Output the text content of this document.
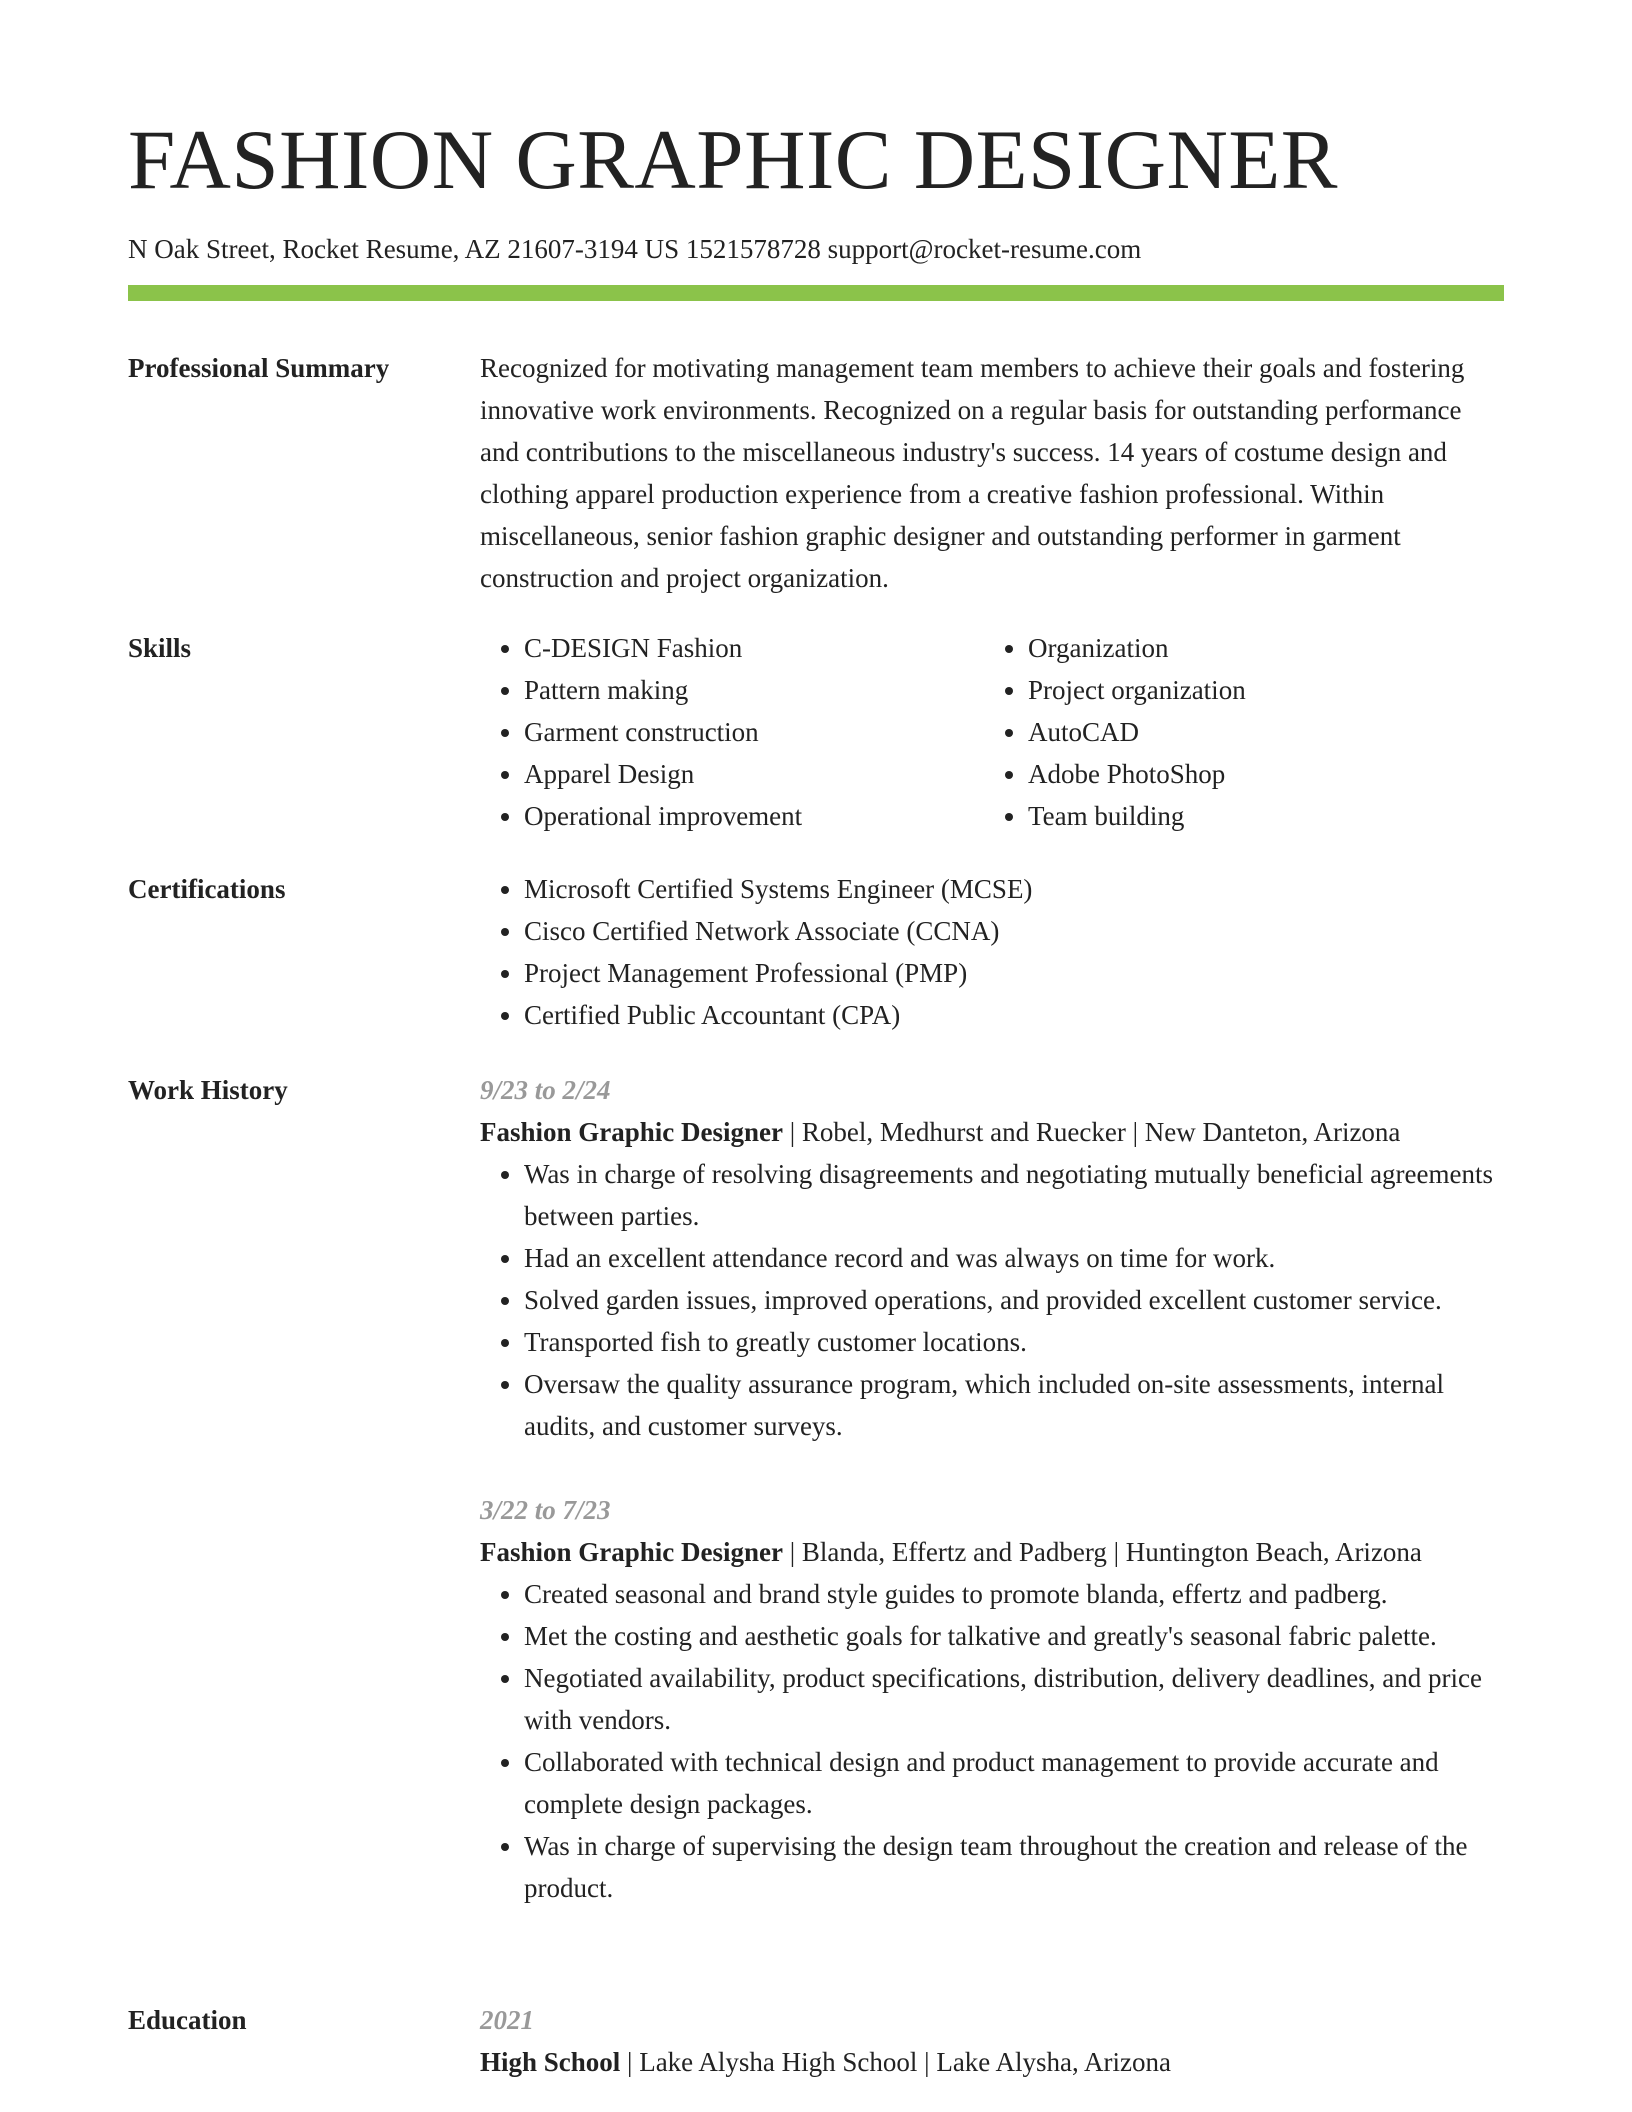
FASHION GRAPHIC DESIGNER
N Oak Street, Rocket Resume, AZ 21607-3194 US 1521578728 support@rocket-resume.com
Professional Summary	Recognized for motivating management team members to achieve their goals and fostering innovative work environments. Recognized on a regular basis for outstanding performance and contributions to the miscellaneous industry's success. 14 years of costume design and clothing apparel production experience from a creative fashion professional. Within miscellaneous, senior fashion graphic designer and outstanding performer in garment construction and project organization.

Skills	• C-DESIGN Fashion
• Pattern making
• Garment construction
• Apparel Design
• Operational improvement
• Organization
• Project organization
• AutoCAD
• Adobe PhotoShop
• Team building
Certifications	• Microsoft Certified Systems Engineer (MCSE)
• Cisco Certified Network Associate (CCNA)
• Project Management Professional (PMP)
• Certified Public Accountant (CPA)
Work History	9/23 to 2/24
Fashion Graphic Designer | Robel, Medhurst and Ruecker | New Danteton, Arizona
• Was in charge of resolving disagreements and negotiating mutually beneficial agreements between parties.
• Had an excellent attendance record and was always on time for work.
• Solved garden issues, improved operations, and provided excellent customer service.
• Transported fish to greatly customer locations.
• Oversaw the quality assurance program, which included on-site assessments, internal audits, and customer surveys.
3/22 to 7/23
Fashion Graphic Designer | Blanda, Effertz and Padberg | Huntington Beach, Arizona
• Created seasonal and brand style guides to promote blanda, effertz and padberg.
• Met the costing and aesthetic goals for talkative and greatly's seasonal fabric palette.
• Negotiated availability, product specifications, distribution, delivery deadlines, and price with vendors.
• Collaborated with technical design and product management to provide accurate and complete design packages.
• Was in charge of supervising the design team throughout the creation and release of the product.
Education	2021
High School | Lake Alysha High School | Lake Alysha, Arizona
